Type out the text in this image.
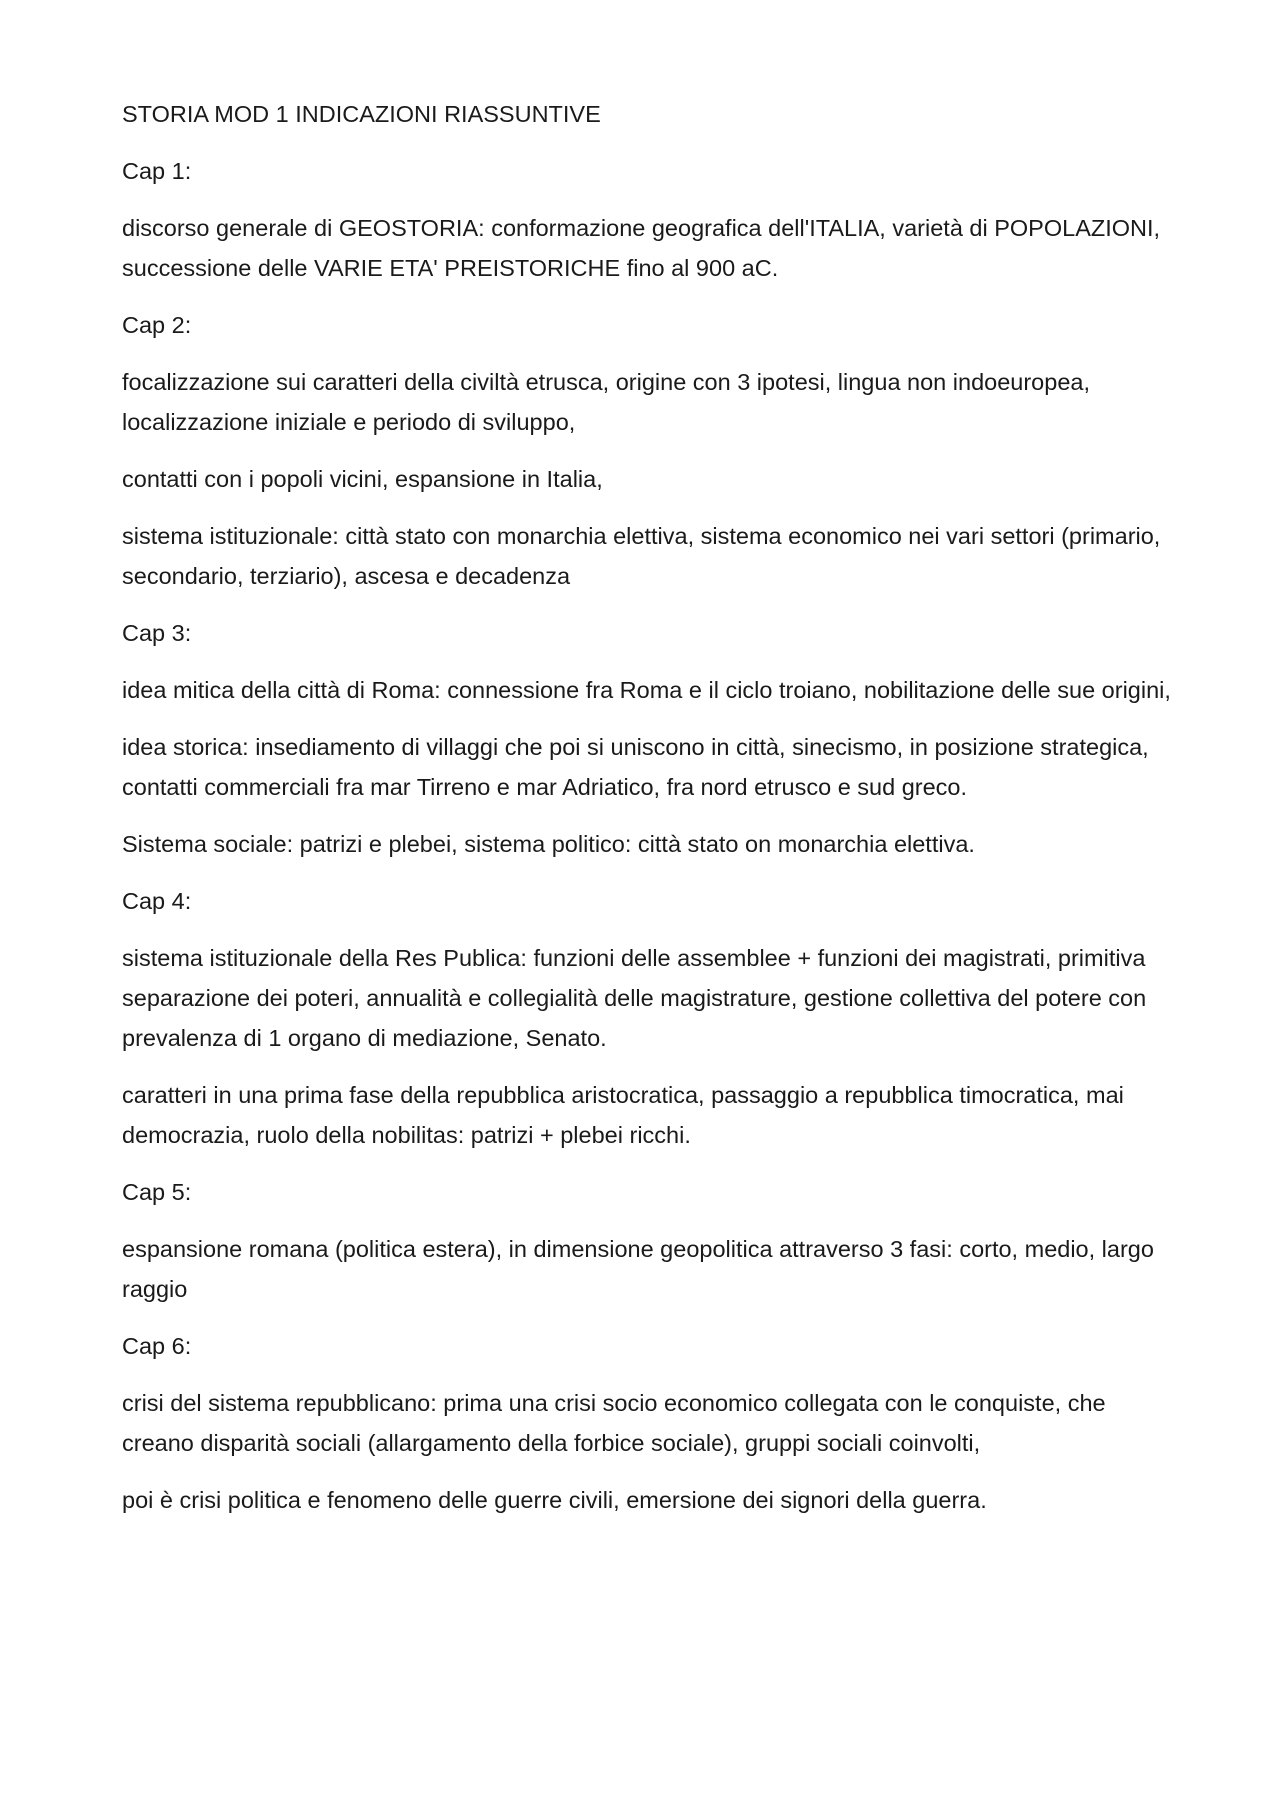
STORIA MOD 1 INDICAZIONI RIASSUNTIVE

Cap 1:

discorso generale di GEOSTORIA: conformazione geografica dell'ITALIA, varietà di POPOLAZIONI, successione delle VARIE ETA' PREISTORICHE fino al 900 aC.

Cap 2:

focalizzazione sui caratteri della civiltà etrusca, origine con 3 ipotesi, lingua non indoeuropea, localizzazione iniziale e periodo di sviluppo,

contatti con i popoli vicini, espansione in Italia,

sistema istituzionale: città stato con monarchia elettiva, sistema economico nei vari settori (primario, secondario, terziario), ascesa e decadenza

Cap 3:

idea mitica della città di Roma: connessione fra Roma e il ciclo troiano, nobilitazione delle sue origini,

idea storica: insediamento di villaggi che poi si uniscono in città, sinecismo, in posizione strategica, contatti commerciali fra mar Tirreno e mar Adriatico, fra nord etrusco e sud greco.

Sistema sociale: patrizi e plebei, sistema politico: città stato on monarchia elettiva.

Cap 4:

sistema istituzionale della Res Publica: funzioni delle assemblee + funzioni dei magistrati, primitiva separazione dei poteri, annualità e collegialità delle magistrature, gestione collettiva del potere con prevalenza di 1 organo di mediazione, Senato.

caratteri in una prima fase della repubblica aristocratica, passaggio a repubblica timocratica, mai democrazia, ruolo della nobilitas: patrizi + plebei ricchi.

Cap 5:

espansione romana (politica estera), in dimensione geopolitica attraverso 3 fasi: corto, medio, largo raggio

Cap 6:

crisi del sistema repubblicano: prima una crisi socio economico collegata con le conquiste, che creano disparità sociali (allargamento della forbice sociale), gruppi sociali coinvolti,

poi è crisi politica e fenomeno delle guerre civili, emersione dei signori della guerra.
